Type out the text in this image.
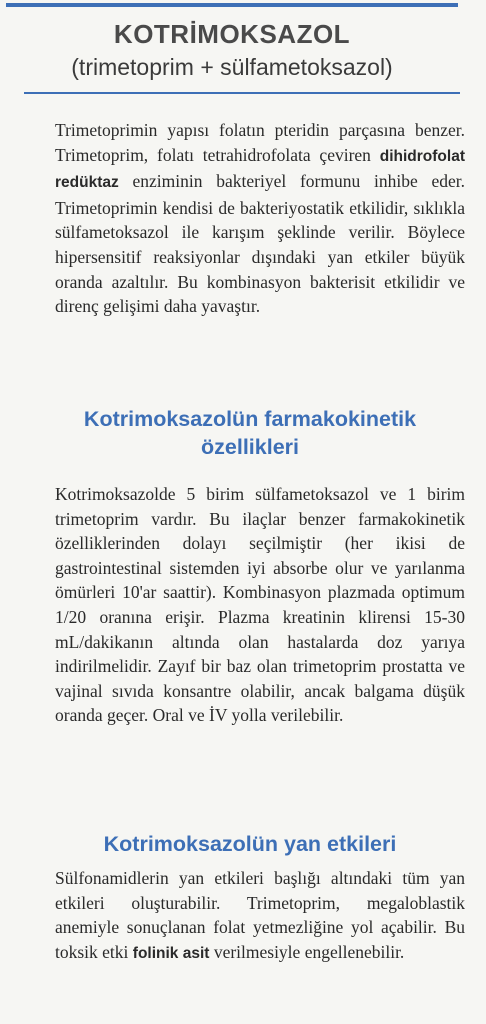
KOTRİMOKSAZOL
(trimetoprim + sülfametoksazol)

Trimetoprimin yapısı folatın pteridin parçasına benzer. Trimetoprim, folatı tetrahidrofolata çeviren dihidrofolat redüktaz enziminin bakteriyel formunu inhibe eder. Trimetoprimin kendisi de bakteriyostatik etkilidir, sıklıkla sülfametoksazol ile karışım şeklinde verilir. Böylece hipersensitif reaksiyonlar dışındaki yan etkiler büyük oranda azaltılır. Bu kombinasyon bakterisit etkilidir ve direnç gelişimi daha yavaştır.

Kotrimoksazolün farmakokinetik
özellikleri

Kotrimoksazolde 5 birim sülfametoksazol ve 1 birim trimetoprim vardır. Bu ilaçlar benzer farmakokinetik özelliklerinden dolayı seçilmiştir (her ikisi de gastrointestinal sistemden iyi absorbe olur ve yarılanma ömürleri 10'ar saattir). Kombinasyon plazmada optimum 1/20 oranına erişir. Plazma kreatinin klirensi 15-30 mL/dakikanın altında olan hastalarda doz yarıya indirilmelidir. Zayıf bir baz olan trimetoprim prostatta ve vajinal sıvıda konsantre olabilir, ancak balgama düşük oranda geçer. Oral ve İV yolla verilebilir.

Kotrimoksazolün yan etkileri

Sülfonamidlerin yan etkileri başlığı altındaki tüm yan etkileri oluşturabilir. Trimetoprim, megaloblastik anemiyle sonuçlanan folat yetmezliğine yol açabilir. Bu toksik etki folinik asit verilmesiyle engellenebilir.
